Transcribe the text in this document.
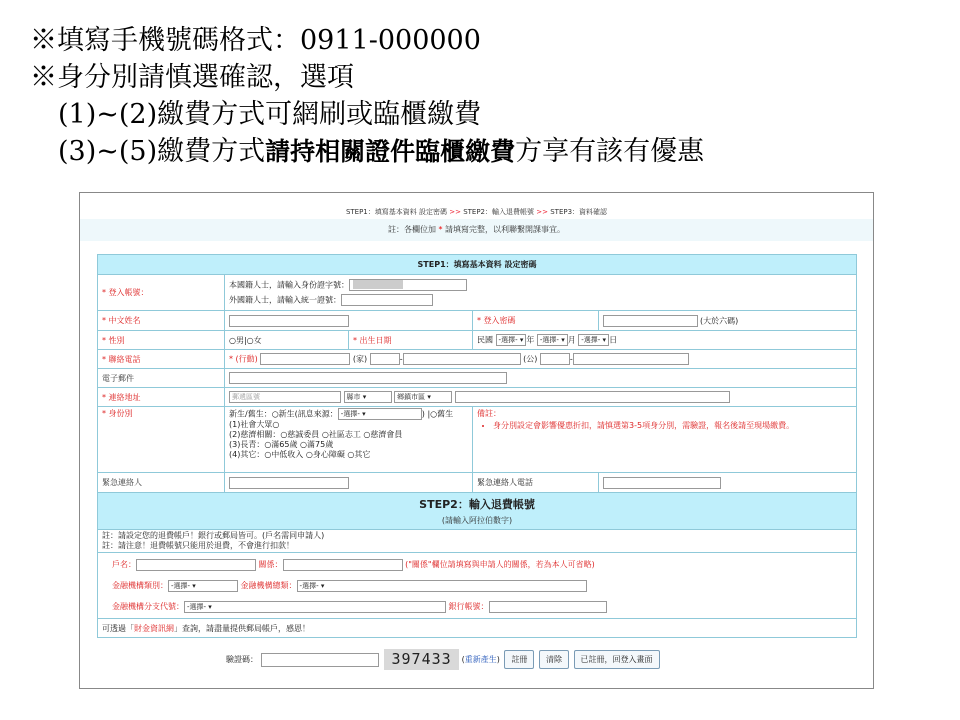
※填寫手機號碼格式：0911-000000
※身分別請慎選確認，選項
(1)~(2)繳費方式可網刷或臨櫃繳費
(3)~(5)繳費方式請持相關證件臨櫃繳費方享有該有優惠
STEP1：填寫基本資料 設定密碼 >> STEP2：輸入退費帳號 >> STEP3：資料確認
註：各欄位加 * 請填寫完整，以利聯繫開課事宜。
STEP1：填寫基本資料 設定密碼
* 登入帳號：	
本國籍人士，請輸入身份證字號：
外國籍人士，請輸入統一證號：

* 中文姓名			* 登入密碼	(大於六碼)

* 性別	○男|○女	* 出生日期	民國 -選擇- ▾ 年 -選擇- ▾ 月 -選擇- ▾ 日
* 聯絡電話	* (行動)	(家)	-	(公)	-
電子郵件	
* 連絡地址	郵遞區號	縣市 ▾	鄉鎮市區 ▾
* 身份別	新生/舊生：○新生(訊息來源： -選擇- ▾	) |○舊生
(1)社會大眾○
(2)慈濟相關：○慈誠委員 ○社區志工 ○慈濟會員
(3)長青：○滿65歲 ○滿75歲
(4)其它：○中低收入 ○身心障礙 ○其它

備註：
• 身分別設定會影響優惠折扣，請慎選第3-5項身分別，需驗證，報名後請至現場繳費。

緊急連絡人			緊急連絡人電話	

STEP2：輸入退費帳號
(請輸入阿拉伯數字)

註：請設定您的退費帳戶！銀行或郵局皆可。(戶名需同申請人)
註：請注意！退費帳號只能用於退費，不會進行扣款！

戶名：	關係：	("關係"欄位請填寫與申請人的關係，若為本人可省略)
金融機構類別： -選擇- ▾	金融機構總類： -選擇- ▾
金融機構分支代號： -選擇- ▾	銀行帳號：

可透過「財金資訊網」查詢，請盡量提供郵局帳戶，感恩！
驗證碼：	397433 (重新產生) 註冊 清除 已註冊，回登入畫面
